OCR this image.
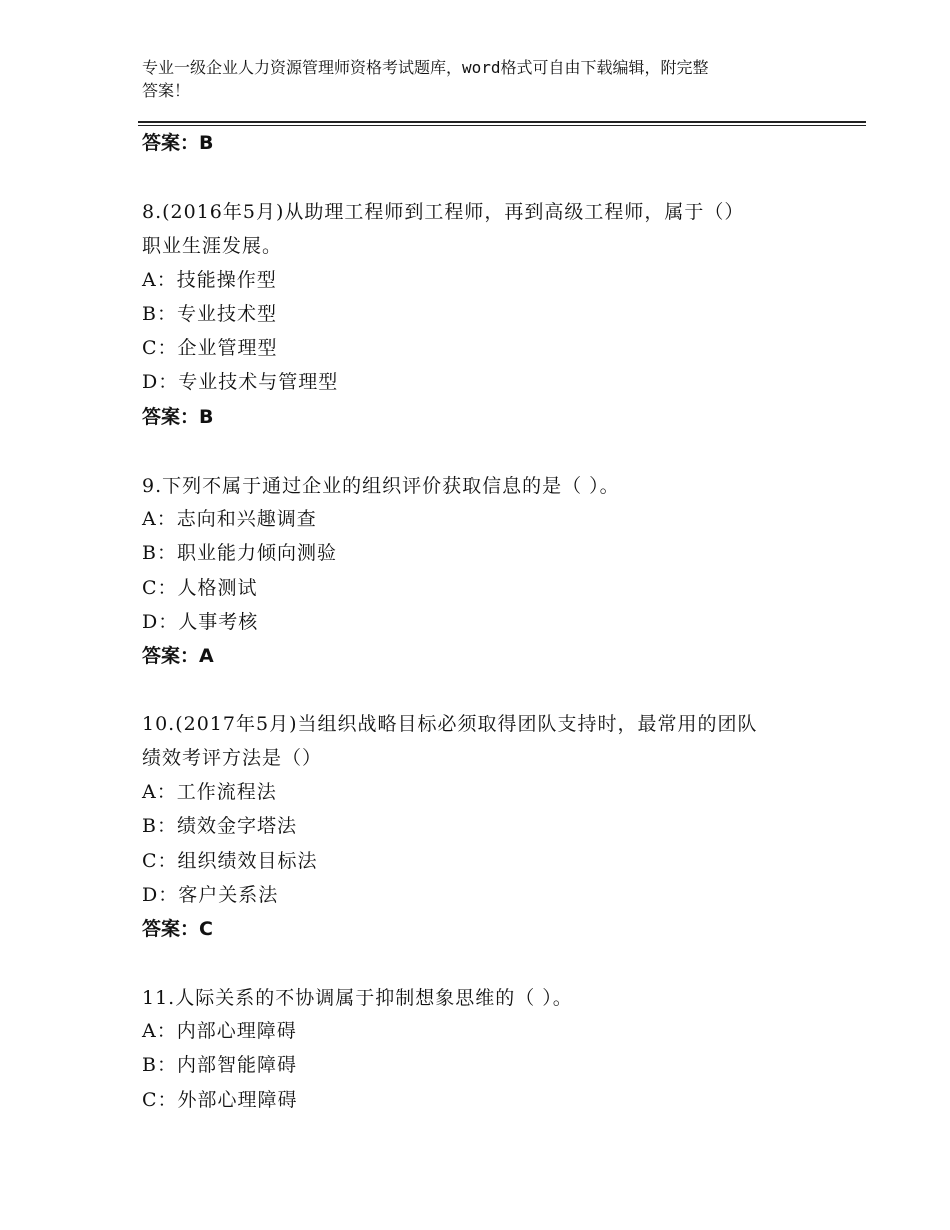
专业一级企业人力资源管理师资格考试题库，word格式可自由下载编辑，附完整
答案！
答案：B
8.(2016年5月)从助理工程师到工程师，再到高级工程师，属于（）
职业生涯发展。
A：技能操作型
B：专业技术型
C：企业管理型
D：专业技术与管理型
答案：B
9.下列不属于通过企业的组织评价获取信息的是（ ）。
A：志向和兴趣调查
B：职业能力倾向测验
C：人格测试
D：人事考核
答案：A
10.(2017年5月)当组织战略目标必须取得团队支持时，最常用的团队
绩效考评方法是（）
A：工作流程法
B：绩效金字塔法
C：组织绩效目标法
D：客户关系法
答案：C
11.人际关系的不协调属于抑制想象思维的（ ）。
A：内部心理障碍
B：内部智能障碍
C：外部心理障碍
